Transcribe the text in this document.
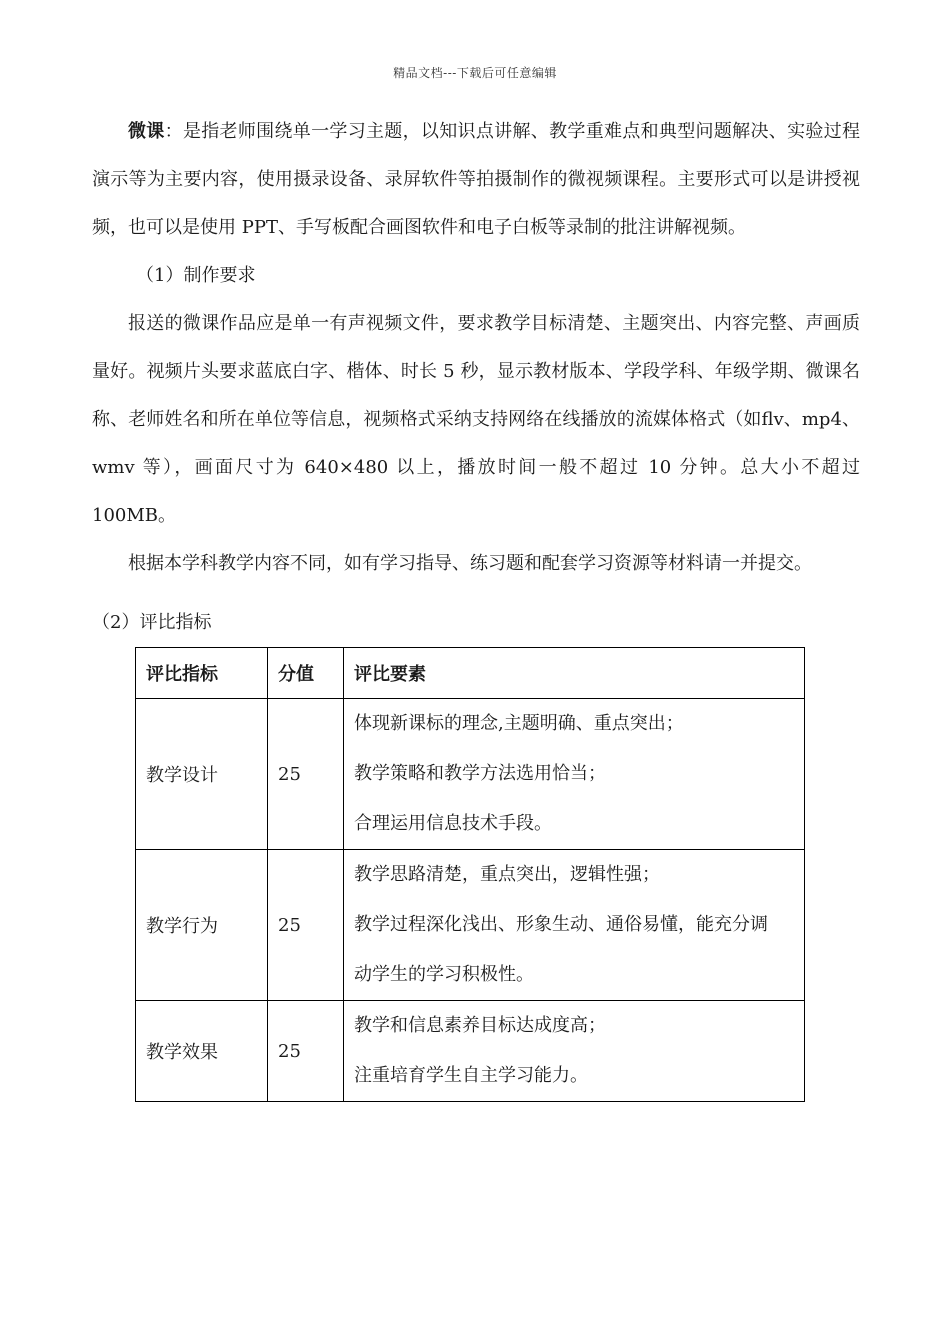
精品文档---下载后可任意编辑

微课：是指老师围绕单一学习主题，以知识点讲解、教学重难点和典型问题解决、实验过程演示等为主要内容，使用摄录设备、录屏软件等拍摄制作的微视频课程。主要形式可以是讲授视频，也可以是使用 PPT、手写板配合画图软件和电子白板等录制的批注讲解视频。

（1）制作要求

报送的微课作品应是单一有声视频文件，要求教学目标清楚、主题突出、内容完整、声画质量好。视频片头要求蓝底白字、楷体、时长 5 秒，显示教材版本、学段学科、年级学期、微课名称、老师姓名和所在单位等信息，视频格式采纳支持网络在线播放的流媒体格式（如flv、mp4、wmv 等），画面尺寸为 640×480 以上，播放时间一般不超过 10 分钟。总大小不超过 100MB。

根据本学科教学内容不同，如有学习指导、练习题和配套学习资源等材料请一并提交。

（2）评比指标
评比指标	分值	评比要素
教学设计	25	体现新课标的理念,主题明确、重点突出；
教学策略和教学方法选用恰当；
合理运用信息技术手段。

教学行为	25	教学思路清楚，重点突出，逻辑性强；
教学过程深化浅出、形象生动、通俗易懂，能充分调
动学生的学习积极性。

教学效果	25	教学和信息素养目标达成度高；
注重培育学生自主学习能力。
